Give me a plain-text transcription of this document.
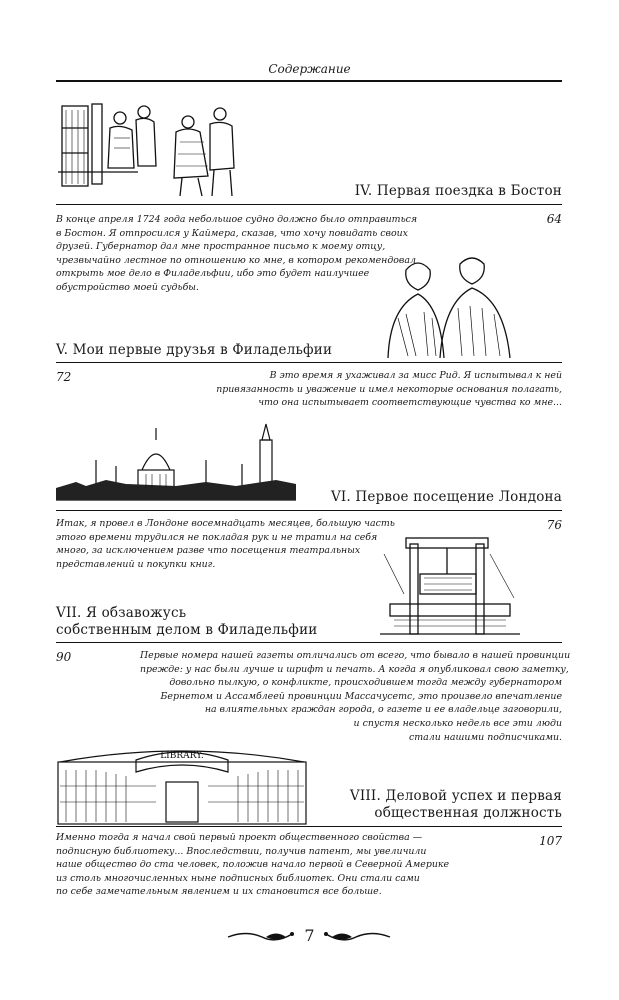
Содержание
IV. Первая поездка в Бостон
64
В конце апреля 1724 года небольшое судно должно было отправиться
в Бостон. Я отпросился у Каймера, сказав, что хочу повидать своих
друзей. Губернатор дал мне пространное письмо к моему отцу,
чрезвычайно лестное по отношению ко мне, в котором рекомендовал
открыть мое дело в Филадельфии, ибо это будет наилучшее
обустройство моей судьбы.
V. Мои первые друзья в Филадельфии
72	В это время я ухаживал за мисс Рид. Я испытывал к ней
привязанность и уважение и имел некоторые основания полагать,
что она испытывает соответствующие чувства ко мне...
VI. Первое посещение Лондона
76
Итак, я провел в Лондоне восемнадцать месяцев, большую часть
этого времени трудился не покладая рук и не тратил на себя
много, за исключением разве что посещения театральных
представлений и покупки книг.
VII. Я обзавожусь
собственным делом в Филадельфии
90	Первые номера нашей газеты отличались от всего, что бывало в нашей провинции
прежде: у нас были лучше и шрифт и печать. А когда я опубликовал свою заметку,
довольно пылкую, о конфликте, происходившем тогда между губернатором
Бернетом и Ассамблеей провинции Массачусетс, это произвело впечатление
на влиятельных граждан города, о газете и ее владельце заговорили,
и спустя несколько недель все эти люди
стали нашими подписчиками.
LIBRARY.
VIII. Деловой успех и первая
общественная должность
107
Именно тогда я начал свой первый проект общественного свойства —
подписную библиотеку... Впоследствии, получив патент, мы увеличили
наше общество до ста человек, положив начало первой в Северной Америке
из столь многочисленных ныне подписных библиотек. Они стали сами
по себе замечательным явлением и их становится все больше.
7
